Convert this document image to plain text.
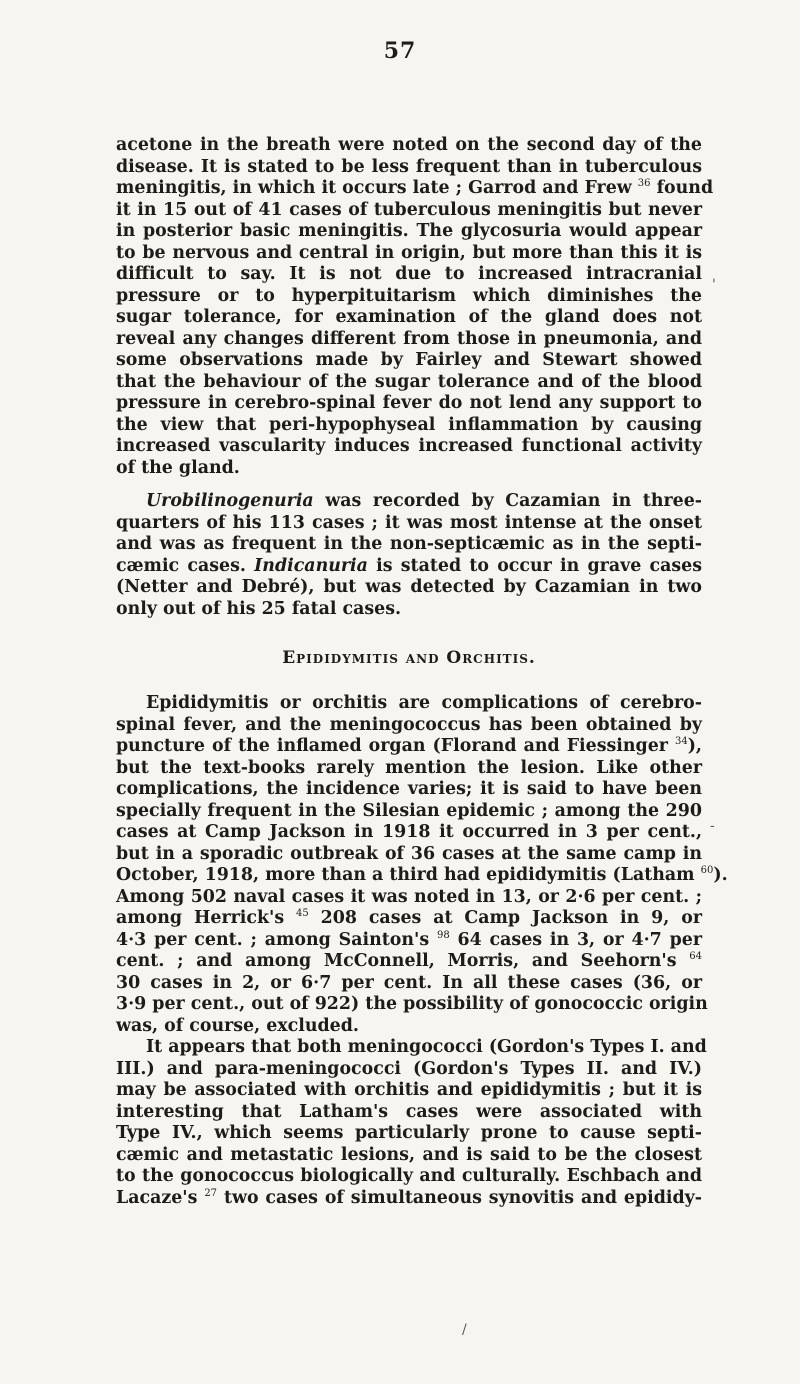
57
acetone in the breath were noted on the second day of the
disease. It is stated to be less frequent than in tuberculous
meningitis, in which it occurs late ; Garrod and Frew $^{36}$ found
it in 15 out of 41 cases of tuberculous meningitis but never
in posterior basic meningitis. The glycosuria would appear
to be nervous and central in origin, but more than this it is
difficult to say. It is not due to increased intracranial
pressure or to hyperpituitarism which diminishes the
sugar tolerance, for examination of the gland does not
reveal any changes different from those in pneumonia, and
some observations made by Fairley and Stewart showed
that the behaviour of the sugar tolerance and of the blood
pressure in cerebro-spinal fever do not lend any support to
the view that peri-hypophyseal inflammation by causing
increased vascularity induces increased functional activity
of the gland.
Urobilinogenuria was recorded by Cazamian in three-
quarters of his 113 cases ; it was most intense at the onset
and was as frequent in the non-septicæmic as in the septi-
cæmic cases. Indicanuria is stated to occur in grave cases
(Netter and Debré), but was detected by Cazamian in two
only out of his 25 fatal cases.
Epididymitis and Orchitis.
Epididymitis or orchitis are complications of cerebro-
spinal fever, and the meningococcus has been obtained by
puncture of the inflamed organ (Florand and Fiessinger $^{34}$),
but the text-books rarely mention the lesion. Like other
complications, the incidence varies; it is said to have been
specially frequent in the Silesian epidemic ; among the 290
cases at Camp Jackson in 1918 it occurred in 3 per cent.,
but in a sporadic outbreak of 36 cases at the same camp in
October, 1918, more than a third had epididymitis (Latham $^{60}$).
Among 502 naval cases it was noted in 13, or 2·6 per cent. ;
among Herrick's $^{45}$ 208 cases at Camp Jackson in 9, or
4·3 per cent. ; among Sainton's $^{98}$ 64 cases in 3, or 4·7 per
cent. ; and among McConnell, Morris, and Seehorn's $^{64}$
30 cases in 2, or 6·7 per cent. In all these cases (36, or
3·9 per cent., out of 922) the possibility of gonococcic origin
was, of course, excluded.
It appears that both meningococci (Gordon's Types I. and
III.) and para-meningococci (Gordon's Types II. and IV.)
may be associated with orchitis and epididymitis ; but it is
interesting that Latham's cases were associated with
Type IV., which seems particularly prone to cause septi-
cæmic and metastatic lesions, and is said to be the closest
to the gonococcus biologically and culturally. Eschbach and
Lacaze's $^{27}$ two cases of simultaneous synovitis and epididy-
'
-
/
